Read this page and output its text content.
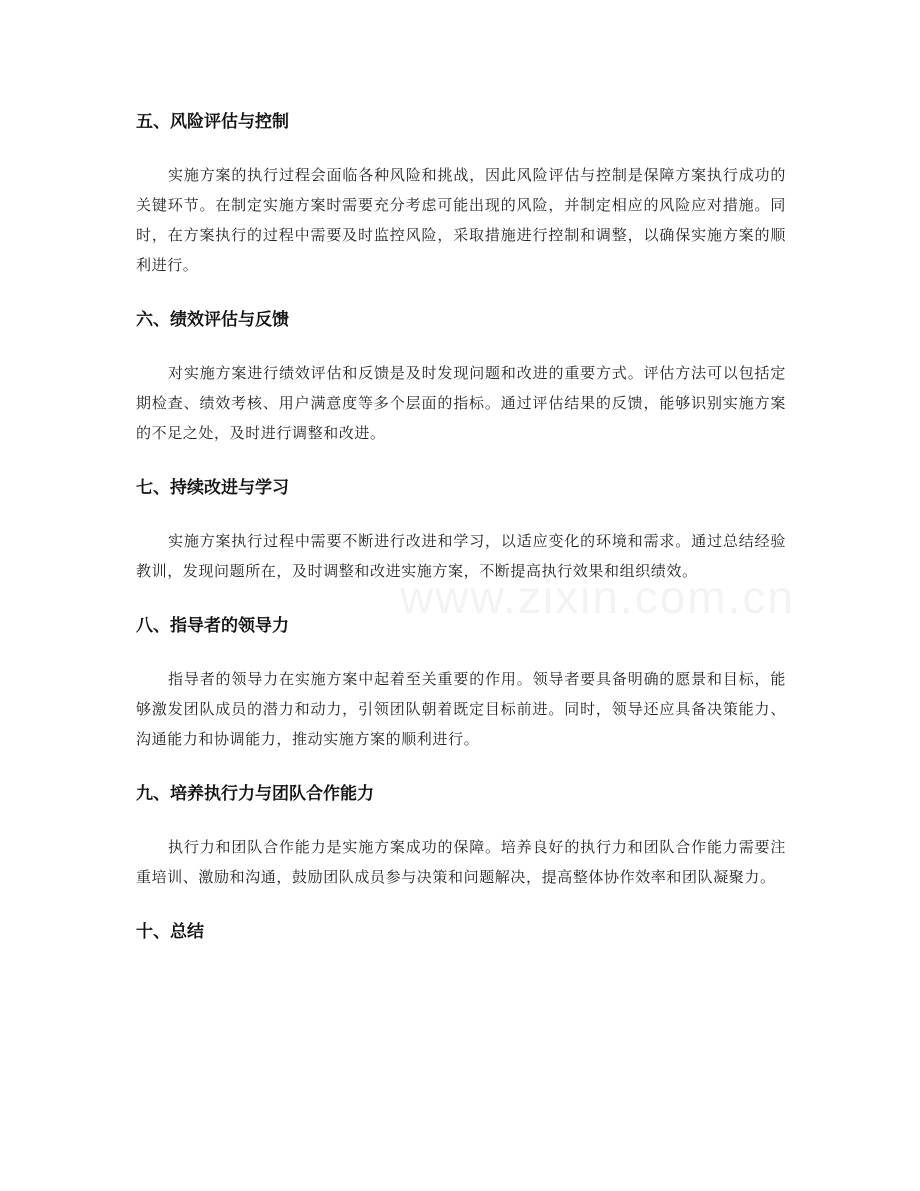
五、风险评估与控制

实施方案的执行过程会面临各种风险和挑战，因此风险评估与控制是保障方案执行成功的关键环节。在制定实施方案时需要充分考虑可能出现的风险，并制定相应的风险应对措施。同时，在方案执行的过程中需要及时监控风险，采取措施进行控制和调整，以确保实施方案的顺利进行。

六、绩效评估与反馈

对实施方案进行绩效评估和反馈是及时发现问题和改进的重要方式。评估方法可以包括定期检查、绩效考核、用户满意度等多个层面的指标。通过评估结果的反馈，能够识别实施方案的不足之处，及时进行调整和改进。

七、持续改进与学习

实施方案执行过程中需要不断进行改进和学习，以适应变化的环境和需求。通过总结经验教训，发现问题所在，及时调整和改进实施方案，不断提高执行效果和组织绩效。

八、指导者的领导力

指导者的领导力在实施方案中起着至关重要的作用。领导者要具备明确的愿景和目标，能够激发团队成员的潜力和动力，引领团队朝着既定目标前进。同时，领导还应具备决策能力、沟通能力和协调能力，推动实施方案的顺利进行。

九、培养执行力与团队合作能力

执行力和团队合作能力是实施方案成功的保障。培养良好的执行力和团队合作能力需要注重培训、激励和沟通，鼓励团队成员参与决策和问题解决，提高整体协作效率和团队凝聚力。

十、总结
www.zixin.com.cn
